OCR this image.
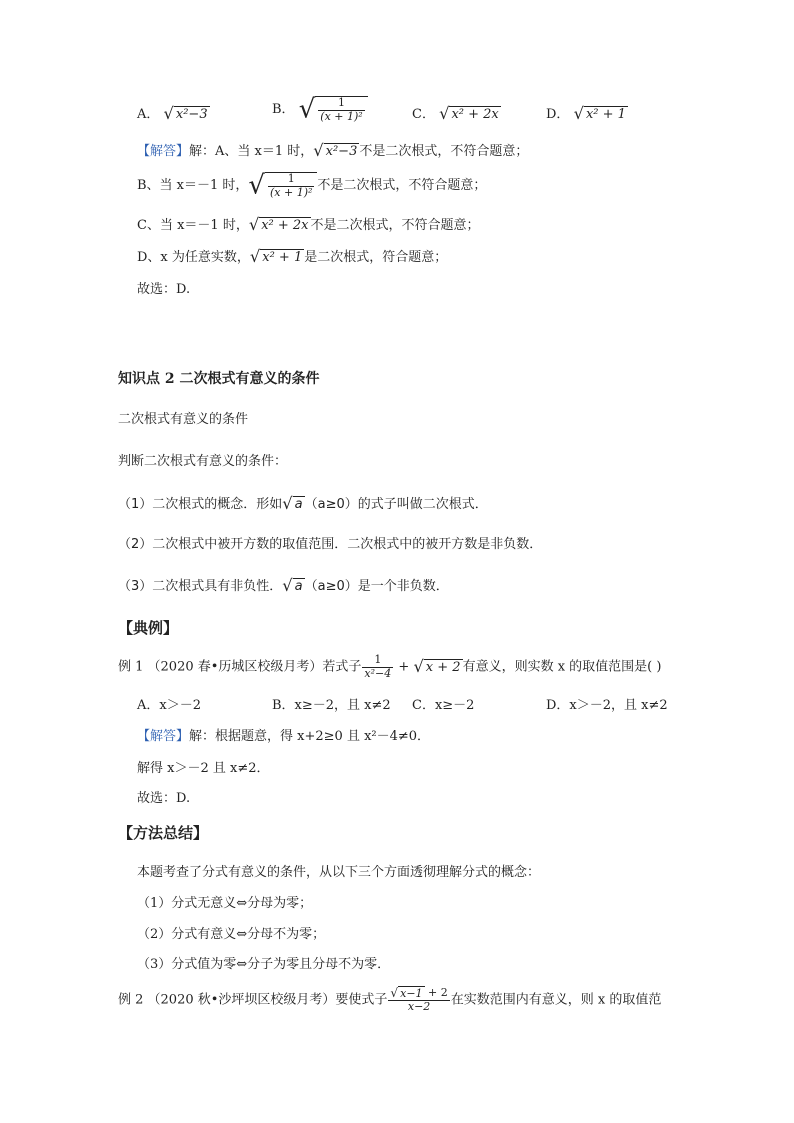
A． √ x²−3	B． √ $\frac{1}{\text{(x + 1)²}}$	C． √ x² + 2x	D． √ x² + 1
【解答】解：A、当 x＝1 时，√ x²−3 不是二次根式，不符合题意；
B、当 x＝－1 时，√ $\frac{1}{\text{(x + 1)²}}$ 不是二次根式，不符合题意；
C、当 x＝－1 时，√ x² + 2x 不是二次根式，不符合题意；
D、x 为任意实数，√ x² + 1 是二次根式，符合题意；
故选：D.
知识点 2 二次根式有意义的条件
二次根式有意义的条件
判断二次根式有意义的条件：
（1）二次根式的概念．形如√ a （a≥0）的式子叫做二次根式．
（2）二次根式中被开方数的取值范围．二次根式中的被开方数是非负数．
（3）二次根式具有非负性．√ a （a≥0）是一个非负数．
【典例】
例 1 （2020 春•历城区校级月考）若式子 $\frac{1}{\text{x²−4}}$ + √ x + 2 有意义，则实数 x 的取值范围是( )
A．x＞－2	B．x≥－2，且 x≠2 C．x≥－2	D．x＞－2，且 x≠2
【解答】解：根据题意，得 x+2≥0 且 x²－4≠0．
解得 x＞－2 且 x≠2．
故选：D.
【方法总结】
本题考查了分式有意义的条件，从以下三个方面透彻理解分式的概念：
（1）分式无意义⇔分母为零；
（2）分式有意义⇔分母不为零；
（3）分式值为零⇔分子为零且分母不为零．
例 2 （2020 秋•沙坪坝区校级月考）要使式子 $\frac{√ x-1 + 2}{x-2}$ 在实数范围内有意义，则 x 的取值范
